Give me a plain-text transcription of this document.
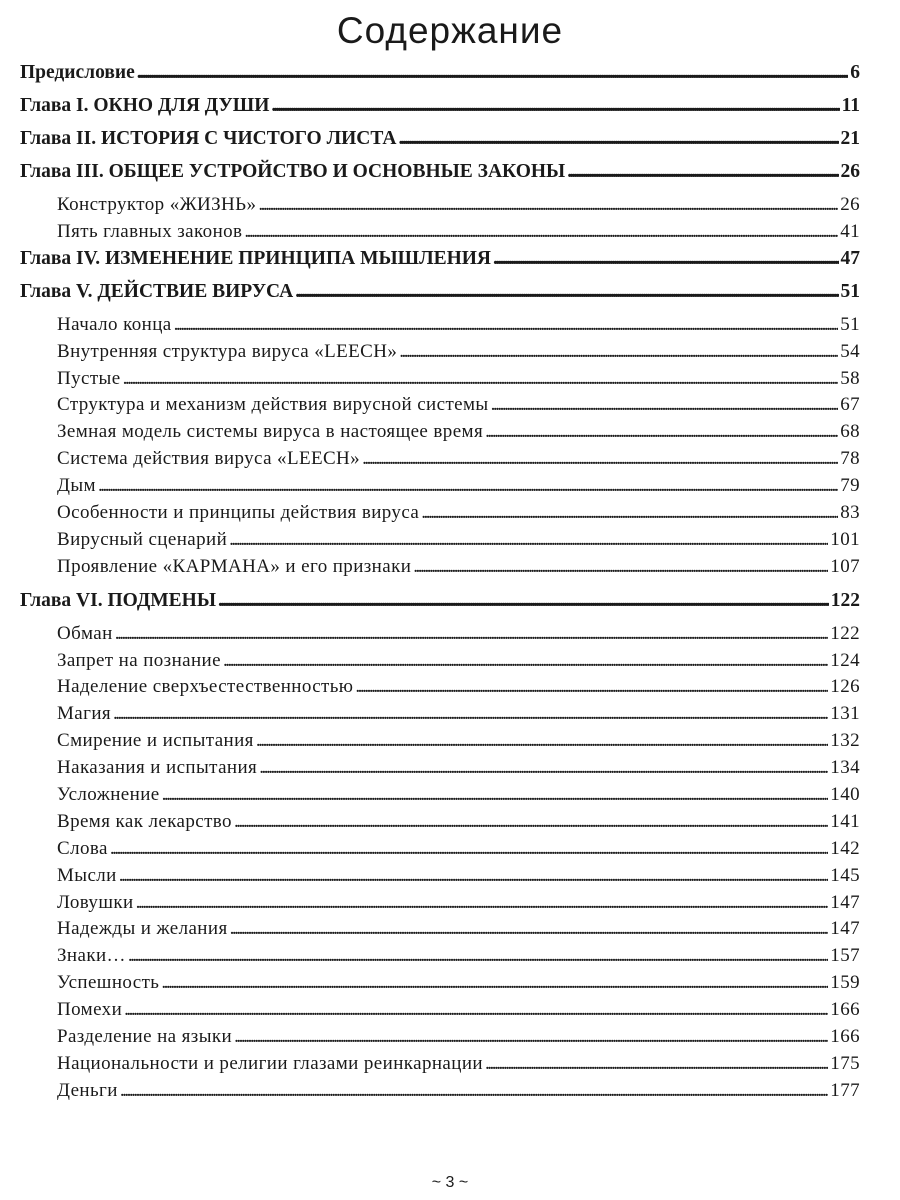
Содержание
Предисловие .....	6
Глава I. ОКНО ДЛЯ ДУШИ .....	11
Глава II. ИСТОРИЯ С ЧИСТОГО ЛИСТА .....	21
Глава III. ОБЩЕЕ УСТРОЙСТВО И ОСНОВНЫЕ ЗАКОНЫ .....	26
Конструктор «ЖИЗНЬ» .....	26
Пять главных законов .....	41
Глава IV. ИЗМЕНЕНИЕ ПРИНЦИПА МЫШЛЕНИЯ .....	47
Глава V. ДЕЙСТВИЕ ВИРУСА .....	51
Начало конца .....	51
Внутренняя структура вируса «LEECH» .....	54
Пустые .....	58
Структура и механизм действия вирусной системы .....	67
Земная модель системы вируса в настоящее время .....	68
Система действия вируса «LEECH» .....	78
Дым .....	79
Особенности и принципы действия вируса .....	83
Вирусный сценарий .....	101
Проявление «КАРМАНА» и его признаки .....	107
Глава VI. ПОДМЕНЫ .....	122
Обман .....	122
Запрет на познание .....	124
Наделение сверхъестественностью .....	126
Магия .....	131
Смирение и испытания .....	132
Наказания и испытания .....	134
Усложнение .....	140
Время как лекарство .....	141
Слова .....	142
Мысли .....	145
Ловушки .....	147
Надежды и желания .....	147
Знаки… .....	157
Успешность .....	159
Помехи .....	166
Разделение на языки .....	166
Национальности и религии глазами реинкарнации .....	175
Деньги .....	177
~ 3 ~
